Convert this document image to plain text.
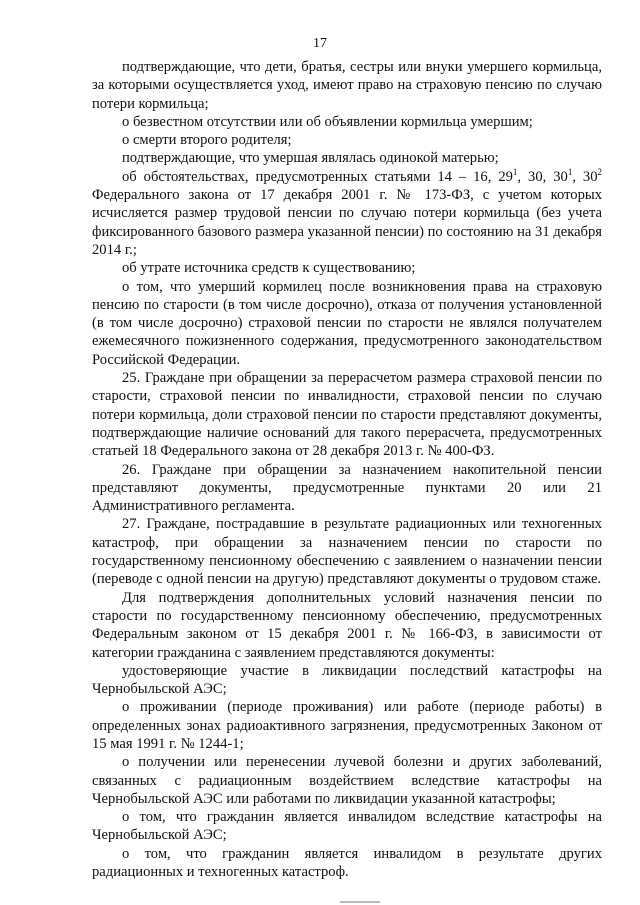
17

подтверждающие, что дети, братья, сестры или внуки умершего кормильца, за которыми осуществляется уход, имеют право на страховую пенсию по случаю потери кормильца;

о безвестном отсутствии или об объявлении кормильца умершим;

о смерти второго родителя;

подтверждающие, что умершая являлась одинокой матерью;

об обстоятельствах, предусмотренных статьями 14 – 16, $29^1$, 30, $30^1$, $30^2$ Федерального закона от 17 декабря 2001 г. № 173-ФЗ, с учетом которых исчисляется размер трудовой пенсии по случаю потери кормильца (без учета фиксированного базового размера указанной пенсии) по состоянию на 31 декабря 2014 г.;

об утрате источника средств к существованию;

о том, что умерший кормилец после возникновения права на страховую пенсию по старости (в том числе досрочно), отказа от получения установленной (в том числе досрочно) страховой пенсии по старости не являлся получателем ежемесячного пожизненного содержания, предусмотренного законодательством Российской Федерации.

25. Граждане при обращении за перерасчетом размера страховой пенсии по старости, страховой пенсии по инвалидности, страховой пенсии по случаю потери кормильца, доли страховой пенсии по старости представляют документы, подтверждающие наличие оснований для такого перерасчета, предусмотренных статьей 18 Федерального закона от 28 декабря 2013 г. № 400-ФЗ.

26. Граждане при обращении за назначением накопительной пенсии представляют документы, предусмотренные пунктами 20 или 21 Административного регламента.

27. Граждане, пострадавшие в результате радиационных или техногенных катастроф, при обращении за назначением пенсии по старости по государственному пенсионному обеспечению с заявлением о назначении пенсии (переводе с одной пенсии на другую) представляют документы о трудовом стаже.

Для подтверждения дополнительных условий назначения пенсии по старости по государственному пенсионному обеспечению, предусмотренных Федеральным законом от 15 декабря 2001 г. № 166-ФЗ, в зависимости от категории гражданина с заявлением представляются документы:

удостоверяющие участие в ликвидации последствий катастрофы на Чернобыльской АЭС;

о проживании (периоде проживания) или работе (периоде работы) в определенных зонах радиоактивного загрязнения, предусмотренных Законом от 15 мая 1991 г. № 1244-1;

о получении или перенесении лучевой болезни и других заболеваний, связанных с радиационным воздействием вследствие катастрофы на Чернобыльской АЭС или работами по ликвидации указанной катастрофы;

о том, что гражданин является инвалидом вследствие катастрофы на Чернобыльской АЭС;

о том, что гражданин является инвалидом в результате других радиационных и техногенных катастроф.
